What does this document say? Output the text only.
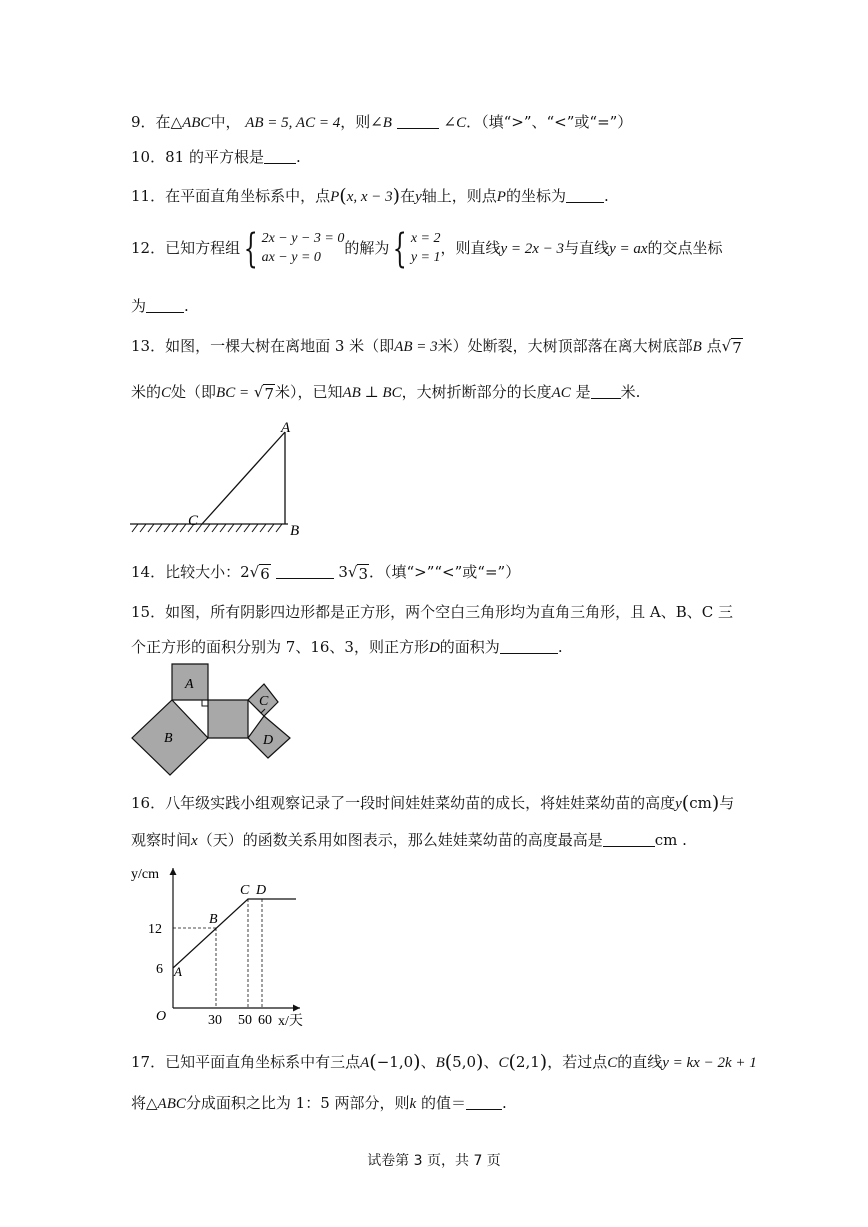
9．在△ABC中， AB = 5, AC = 4，则∠B	∠C．（填“>”、“<”或“=”）
10．81 的平方根是 .
11．在平面直角坐标系中，点P(x, x − 3)在y轴上，则点P的坐标为	.
12．已知方程组 { 2x − y − 3 = 0
ax − y = 0
的解为 { x = 2
y = 1
，则直线y = 2x − 3与直线y = ax的交点坐标
为	.
13．如图，一棵大树在离地面 3 米（即AB = 3米）处断裂，大树顶部落在离大树底部B 点 √ 7
米的C处（即BC = √ 7 米），已知AB ⊥ BC，大树折断部分的长度AC 是 米.
A
B
C
14．比较大小：2 √ 6	3 √ 3 ．（填“>”“<”或“=”）
15．如图，所有阴影四边形都是正方形，两个空白三角形均为直角三角形，且 A、B、C 三
个正方形的面积分别为 7、16、3，则正方形D的面积为	.
A
B
C
D
16．八年级实践小组观察记录了一段时间娃娃菜幼苗的成长，将娃娃菜幼苗的高度y(cm)与
观察时间x（天）的函数关系用如图表示，那么娃娃菜幼苗的高度最高是	cm .
y/cm
x/天
O
12
6
30 50 60
A
B
C D
17．已知平面直角坐标系中有三点A(−1,0)、B(5,0)、C(2,1)，若过点C的直线y = kx − 2k + 1
将△ABC分成面积之比为 1：5 两部分，则k 的值＝ .
试卷第 3 页，共 7 页
